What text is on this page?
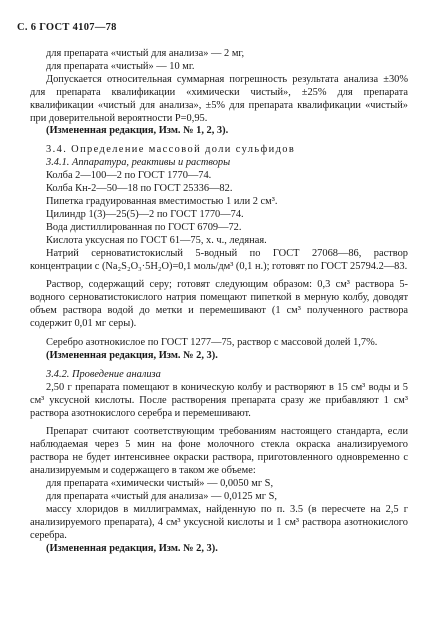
С. 6 ГОСТ 4107—78

для препарата «чистый для анализа» — 2 мг,

для препарата «чистый» — 10 мг.

Допускается относительная суммарная погрешность результата анализа ±30% для препарата квалификации «химически чистый», ±25% для препарата квалификации «чистый для анализа», ±5% для препарата квалификации «чистый» при доверительной вероятности P=0,95.

(Измененная редакция, Изм. № 1, 2, 3).

3.4. Определение массовой доли сульфидов

3.4.1. Аппаратура, реактивы и растворы

Колба 2—100—2 по ГОСТ 1770—74.

Колба Кн-2—50—18 по ГОСТ 25336—82.

Пипетка градуированная вместимостью 1 или 2 см³.

Цилиндр 1(3)—25(5)—2 по ГОСТ 1770—74.

Вода дистиллированная по ГОСТ 6709—72.

Кислота уксусная по ГОСТ 61—75, х. ч., ледяная.

Натрий серноватистокислый 5-водный по ГОСТ 27068—86, раствор концентрации с (Na₂S₂O₃·5H₂O)=0,1 моль/дм³ (0,1 н.); готовят по ГОСТ 25794.2—83.

Раствор, содержащий серу; готовят следующим образом: 0,3 см³ раствора 5-водного серноватистокислого натрия помещают пипеткой в мерную колбу, доводят объем раствора водой до метки и перемешивают (1 см³ полученного раствора содержит 0,01 мг серы).

Серебро азотнокислое по ГОСТ 1277—75, раствор с массовой долей 1,7%.

(Измененная редакция, Изм. № 2, 3).

3.4.2. Проведение анализа

2,50 г препарата помещают в коническую колбу и растворяют в 15 см³ воды и 5 см³ уксусной кислоты. После растворения препарата сразу же прибавляют 1 см³ раствора азотнокислого серебра и перемешивают.

Препарат считают соответствующим требованиям настоящего стандарта, если наблюдаемая через 5 мин на фоне молочного стекла окраска анализируемого раствора не будет интенсивнее окраски раствора, приготовленного одновременно с анализируемым и содержащего в таком же объеме:

для препарата «химически чистый» — 0,0050 мг S,

для препарата «чистый для анализа» — 0,0125 мг S,

массу хлоридов в миллиграммах, найденную по п. 3.5 (в пересчете на 2,5 г анализируемого препарата), 4 см³ уксусной кислоты и 1 см³ раствора азотнокислого серебра.

(Измененная редакция, Изм. № 2, 3).
